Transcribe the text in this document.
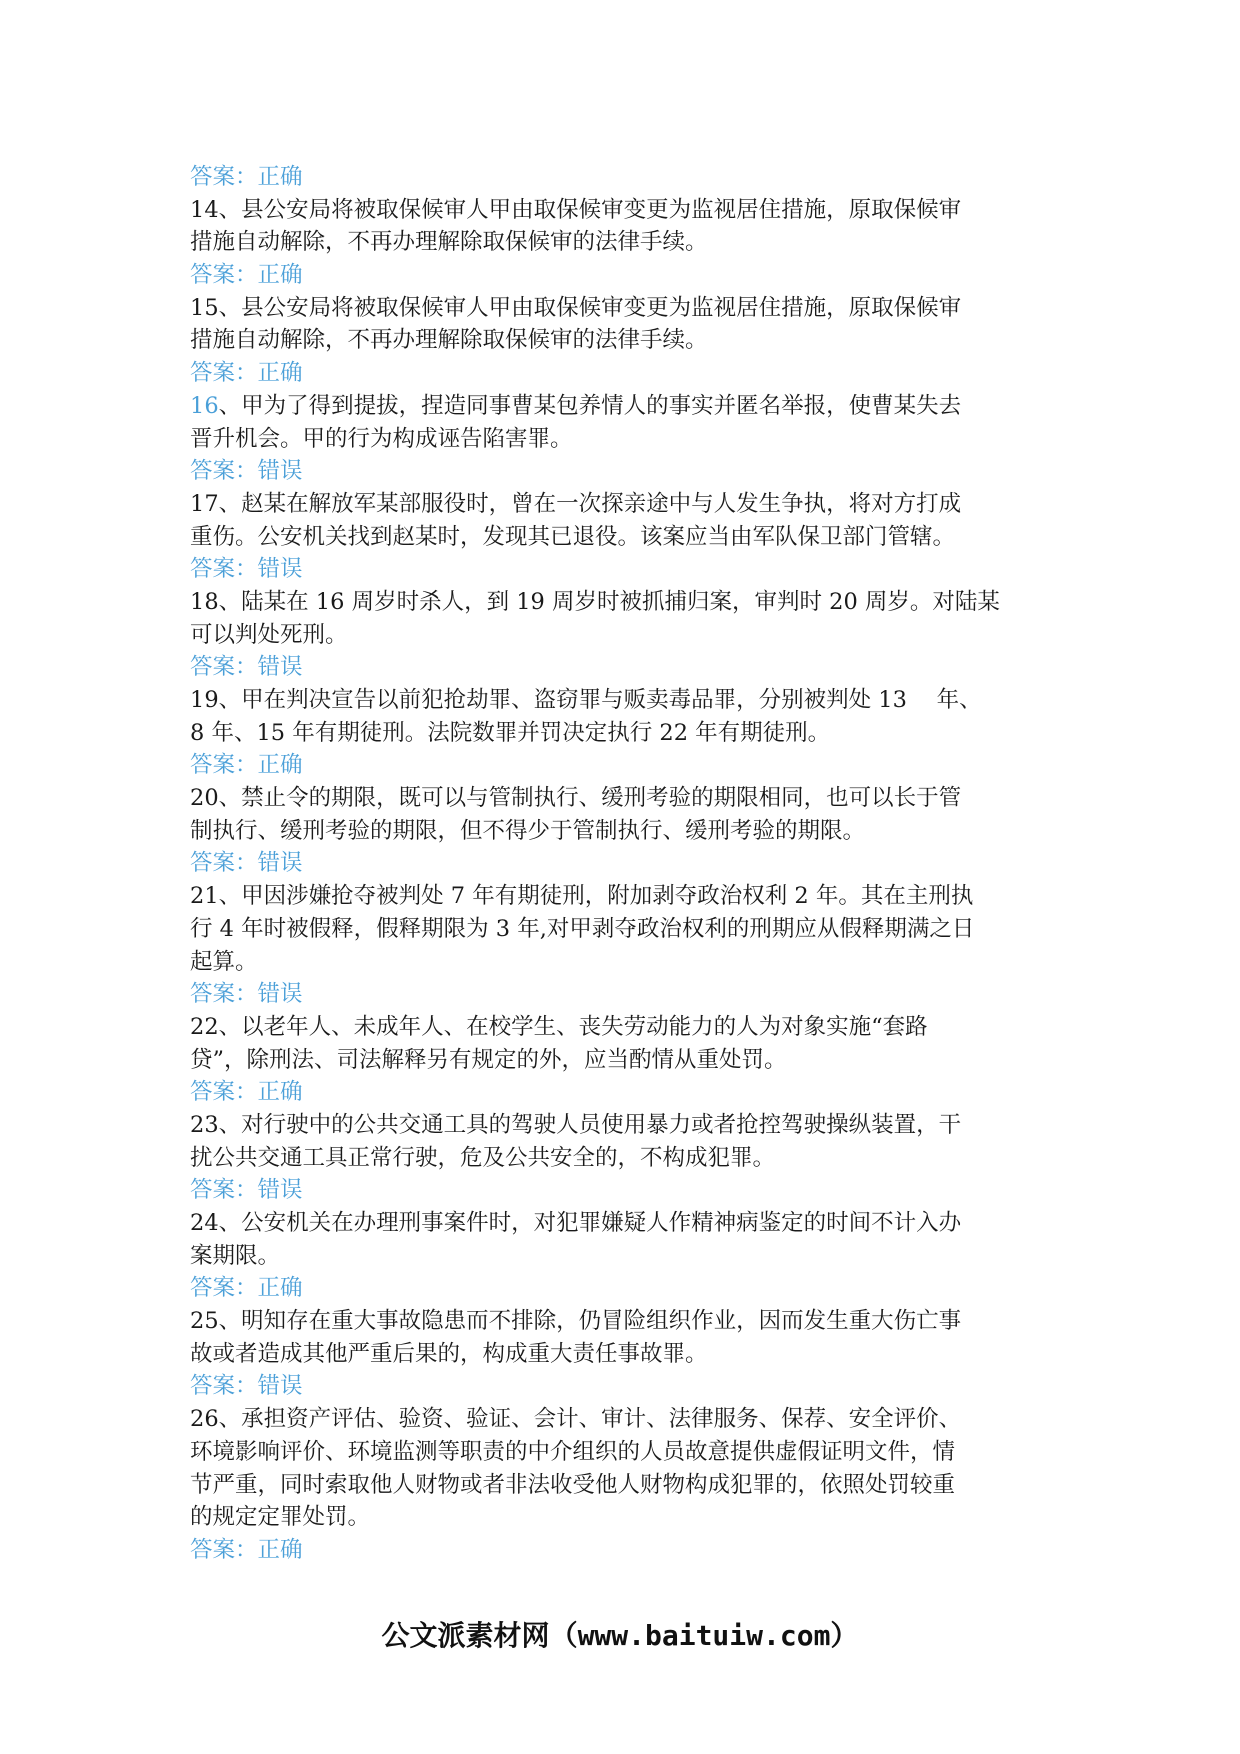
答案：正确
14、县公安局将被取保候审人甲由取保候审变更为监视居住措施，原取保候审
措施自动解除，不再办理解除取保候审的法律手续。
答案：正确
15、县公安局将被取保候审人甲由取保候审变更为监视居住措施，原取保候审
措施自动解除，不再办理解除取保候审的法律手续。
答案：正确
16、甲为了得到提拔，捏造同事曹某包养情人的事实并匿名举报，使曹某失去
晋升机会。甲的行为构成诬告陷害罪。
答案：错误
17、赵某在解放军某部服役时，曾在一次探亲途中与人发生争执，将对方打成
重伤。公安机关找到赵某时，发现其已退役。该案应当由军队保卫部门管辖。
答案：错误
18、陆某在 16 周岁时杀人，到 19 周岁时被抓捕归案，审判时 20 周岁。对陆某
可以判处死刑。
答案：错误
19、甲在判决宣告以前犯抢劫罪、盗窃罪与贩卖毒品罪，分别被判处 13　 年、
8 年、15 年有期徒刑。法院数罪并罚决定执行 22 年有期徒刑。
答案：正确
20、禁止令的期限，既可以与管制执行、缓刑考验的期限相同，也可以长于管
制执行、缓刑考验的期限，但不得少于管制执行、缓刑考验的期限。
答案：错误
21、甲因涉嫌抢夺被判处 7 年有期徒刑，附加剥夺政治权利 2 年。其在主刑执
行 4 年时被假释，假释期限为 3 年,对甲剥夺政治权利的刑期应从假释期满之日
起算。
答案：错误
22、以老年人、未成年人、在校学生、丧失劳动能力的人为对象实施“套路
贷”，除刑法、司法解释另有规定的外，应当酌情从重处罚。
答案：正确
23、对行驶中的公共交通工具的驾驶人员使用暴力或者抢控驾驶操纵装置，干
扰公共交通工具正常行驶，危及公共安全的，不构成犯罪。
答案：错误
24、公安机关在办理刑事案件时，对犯罪嫌疑人作精神病鉴定的时间不计入办
案期限。
答案：正确
25、明知存在重大事故隐患而不排除，仍冒险组织作业，因而发生重大伤亡事
故或者造成其他严重后果的，构成重大责任事故罪。
答案：错误
26、承担资产评估、验资、验证、会计、审计、法律服务、保荐、安全评价、
环境影响评价、环境监测等职责的中介组织的人员故意提供虚假证明文件，情
节严重，同时索取他人财物或者非法收受他人财物构成犯罪的，依照处罚较重
的规定定罪处罚。
答案：正确
公文派素材网（www.baituiw.com）
